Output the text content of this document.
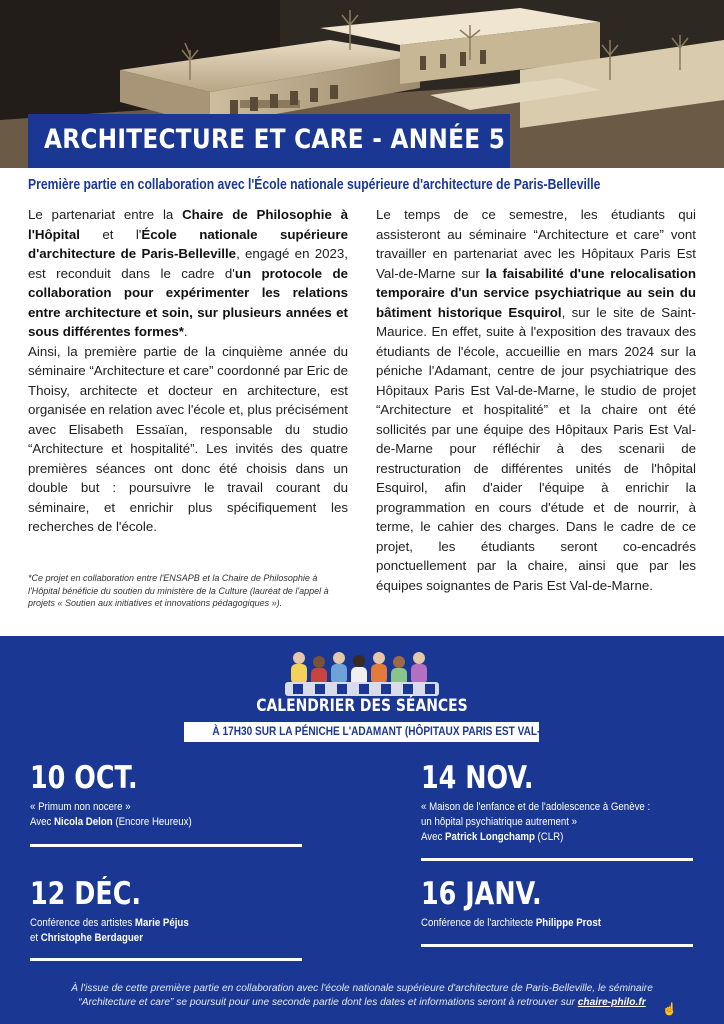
ARCHITECTURE ET CARE - ANNÉE 5
Première partie en collaboration avec l'École nationale supérieure d'architecture de Paris-Belleville

Le partenariat entre la Chaire de Philosophie à l'Hôpital et l'École nationale supérieure d'architecture de Paris-Belleville, engagé en 2023, est reconduit dans le cadre d'un protocole de collaboration pour expérimenter les relations entre architecture et soin, sur plusieurs années et sous différentes formes*.

Ainsi, la première partie de la cinquième année du séminaire “Architecture et care” coordonné par Eric de Thoisy, architecte et docteur en architecture, est organisée en relation avec l'école et, plus précisément avec Elisabeth Essaïan, responsable du studio “Architecture et hospitalité”. Les invités des quatre premières séances ont donc été choisis dans un double but : poursuivre le travail courant du séminaire, et enrichir plus spécifiquement les recherches de l'école.

*Ce projet en collaboration entre l'ENSAPB et la Chaire de Philosophie à l'Hôpital bénéficie du soutien du ministère de la Culture (lauréat de l'appel à projets « Soutien aux initiatives et innovations pédagogiques »).

Le temps de ce semestre, les étudiants qui assisteront au séminaire “Architecture et care” vont travailler en partenariat avec les Hôpitaux Paris Est Val-de-Marne sur la faisabilité d'une relocalisation temporaire d'un service psychiatrique au sein du bâtiment historique Esquirol, sur le site de Saint-Maurice. En effet, suite à l'exposition des travaux des étudiants de l'école, accueillie en mars 2024 sur la péniche l'Adamant, centre de jour psychiatrique des Hôpitaux Paris Est Val-de-Marne, le studio de projet “Architecture et hospitalité” et la chaire ont été sollicités par une équipe des Hôpitaux Paris Est Val-de-Marne pour réfléchir à des scenarii de restructuration de différentes unités de l'hôpital Esquirol, afin d'aider l'équipe à enrichir la programmation en cours d'étude et de nourrir, à terme, le cahier des charges. Dans le cadre de ce projet, les étudiants seront co-encadrés ponctuellement par la chaire, ainsi que par les équipes soignantes de Paris Est Val-de-Marne.

CALENDRIER DES SÉANCES
À 17H30 SUR LA PÉNICHE L'ADAMANT (HÔPITAUX PARIS EST VAL-DE-MARNE)
10 OCT.
« Primum non nocere »
Avec Nicola Delon (Encore Heureux)
14 NOV.
« Maison de l'enfance et de l'adolescence à Genève :
un hôpital psychiatrique autrement »
Avec Patrick Longchamp (CLR)
12 DÉC.
Conférence des artistes Marie Péjus
et Christophe Berdaguer
16 JANV.
Conférence de l'architecte Philippe Prost
À l'issue de cette première partie en collaboration avec l'école nationale supérieure d'architecture de Paris-Belleville, le séminaire
“Architecture et care” se poursuit pour une seconde partie dont les dates et informations seront à retrouver sur chaire-philo.fr	☝
